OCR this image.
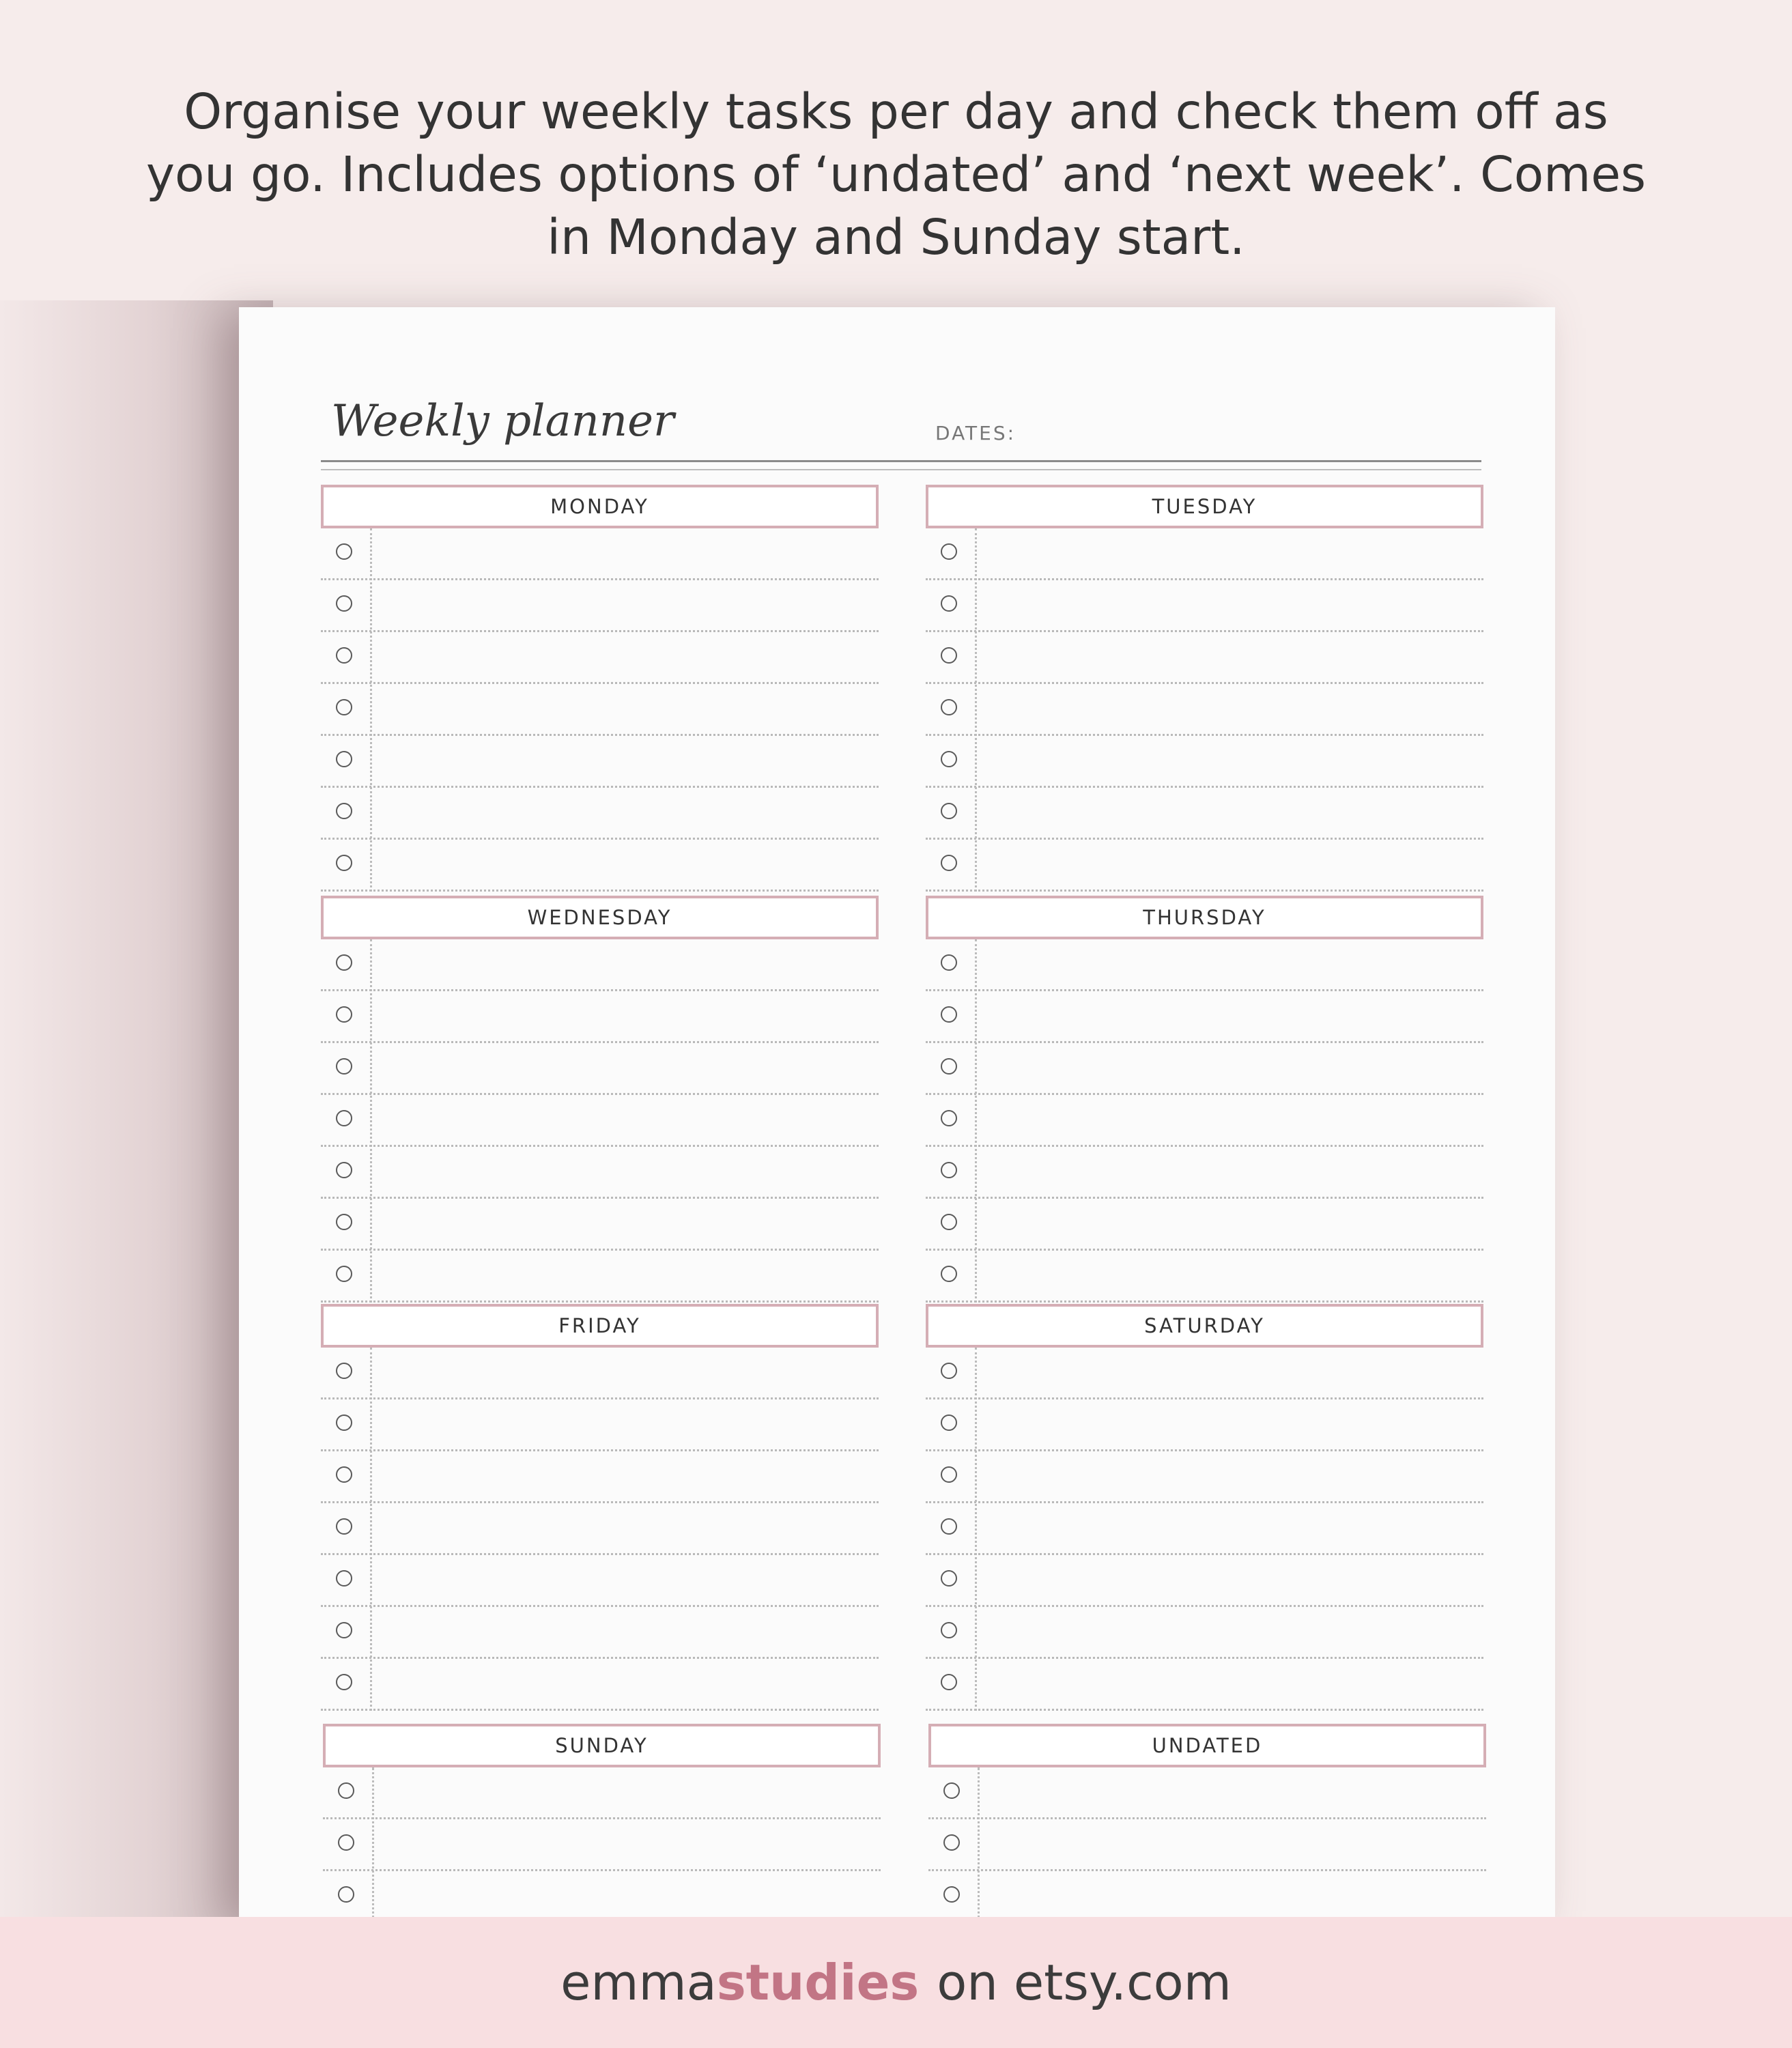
Organise your weekly tasks per day and check them off as
you go. Includes options of ‘undated’ and ‘next week’. Comes
in Monday and Sunday start.
Weekly planner	DATES:
MONDAY	TUESDAY
WEDNESDAY	THURSDAY
FRIDAY	SATURDAY
SUNDAY	UNDATED
emma studies on etsy.com
